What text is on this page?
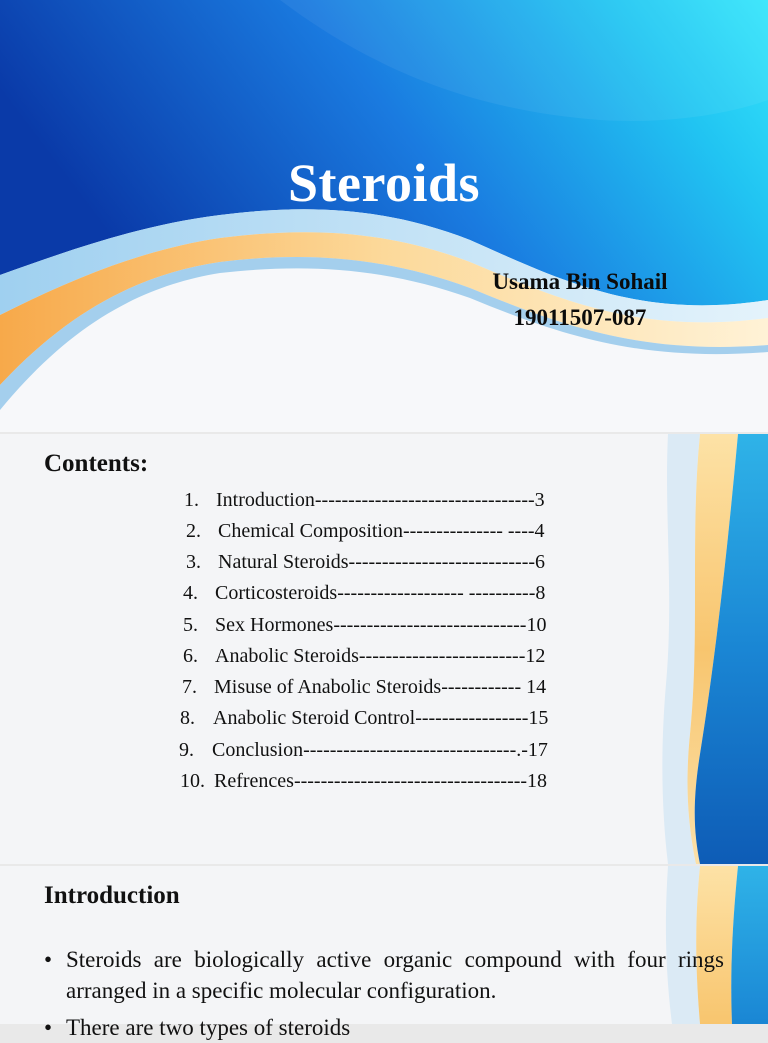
Steroids
Usama Bin Sohail
19011507-087
Contents:
1. Introduction---------------------------------3
2. Chemical Composition--------------- ----4
3. Natural Steroids----------------------------6
4. Corticosteroids------------------- ----------8
5. Sex Hormones-----------------------------10
6. Anabolic Steroids-------------------------12
7. Misuse of Anabolic Steroids------------ 14
8. Anabolic Steroid Control-----------------15
9. Conclusion--------------------------------.-17
10. Refrences-----------------------------------18
Introduction
• Steroids are biologically active organic compound with four rings arranged in a specific molecular configuration.
• There are two types of steroids
